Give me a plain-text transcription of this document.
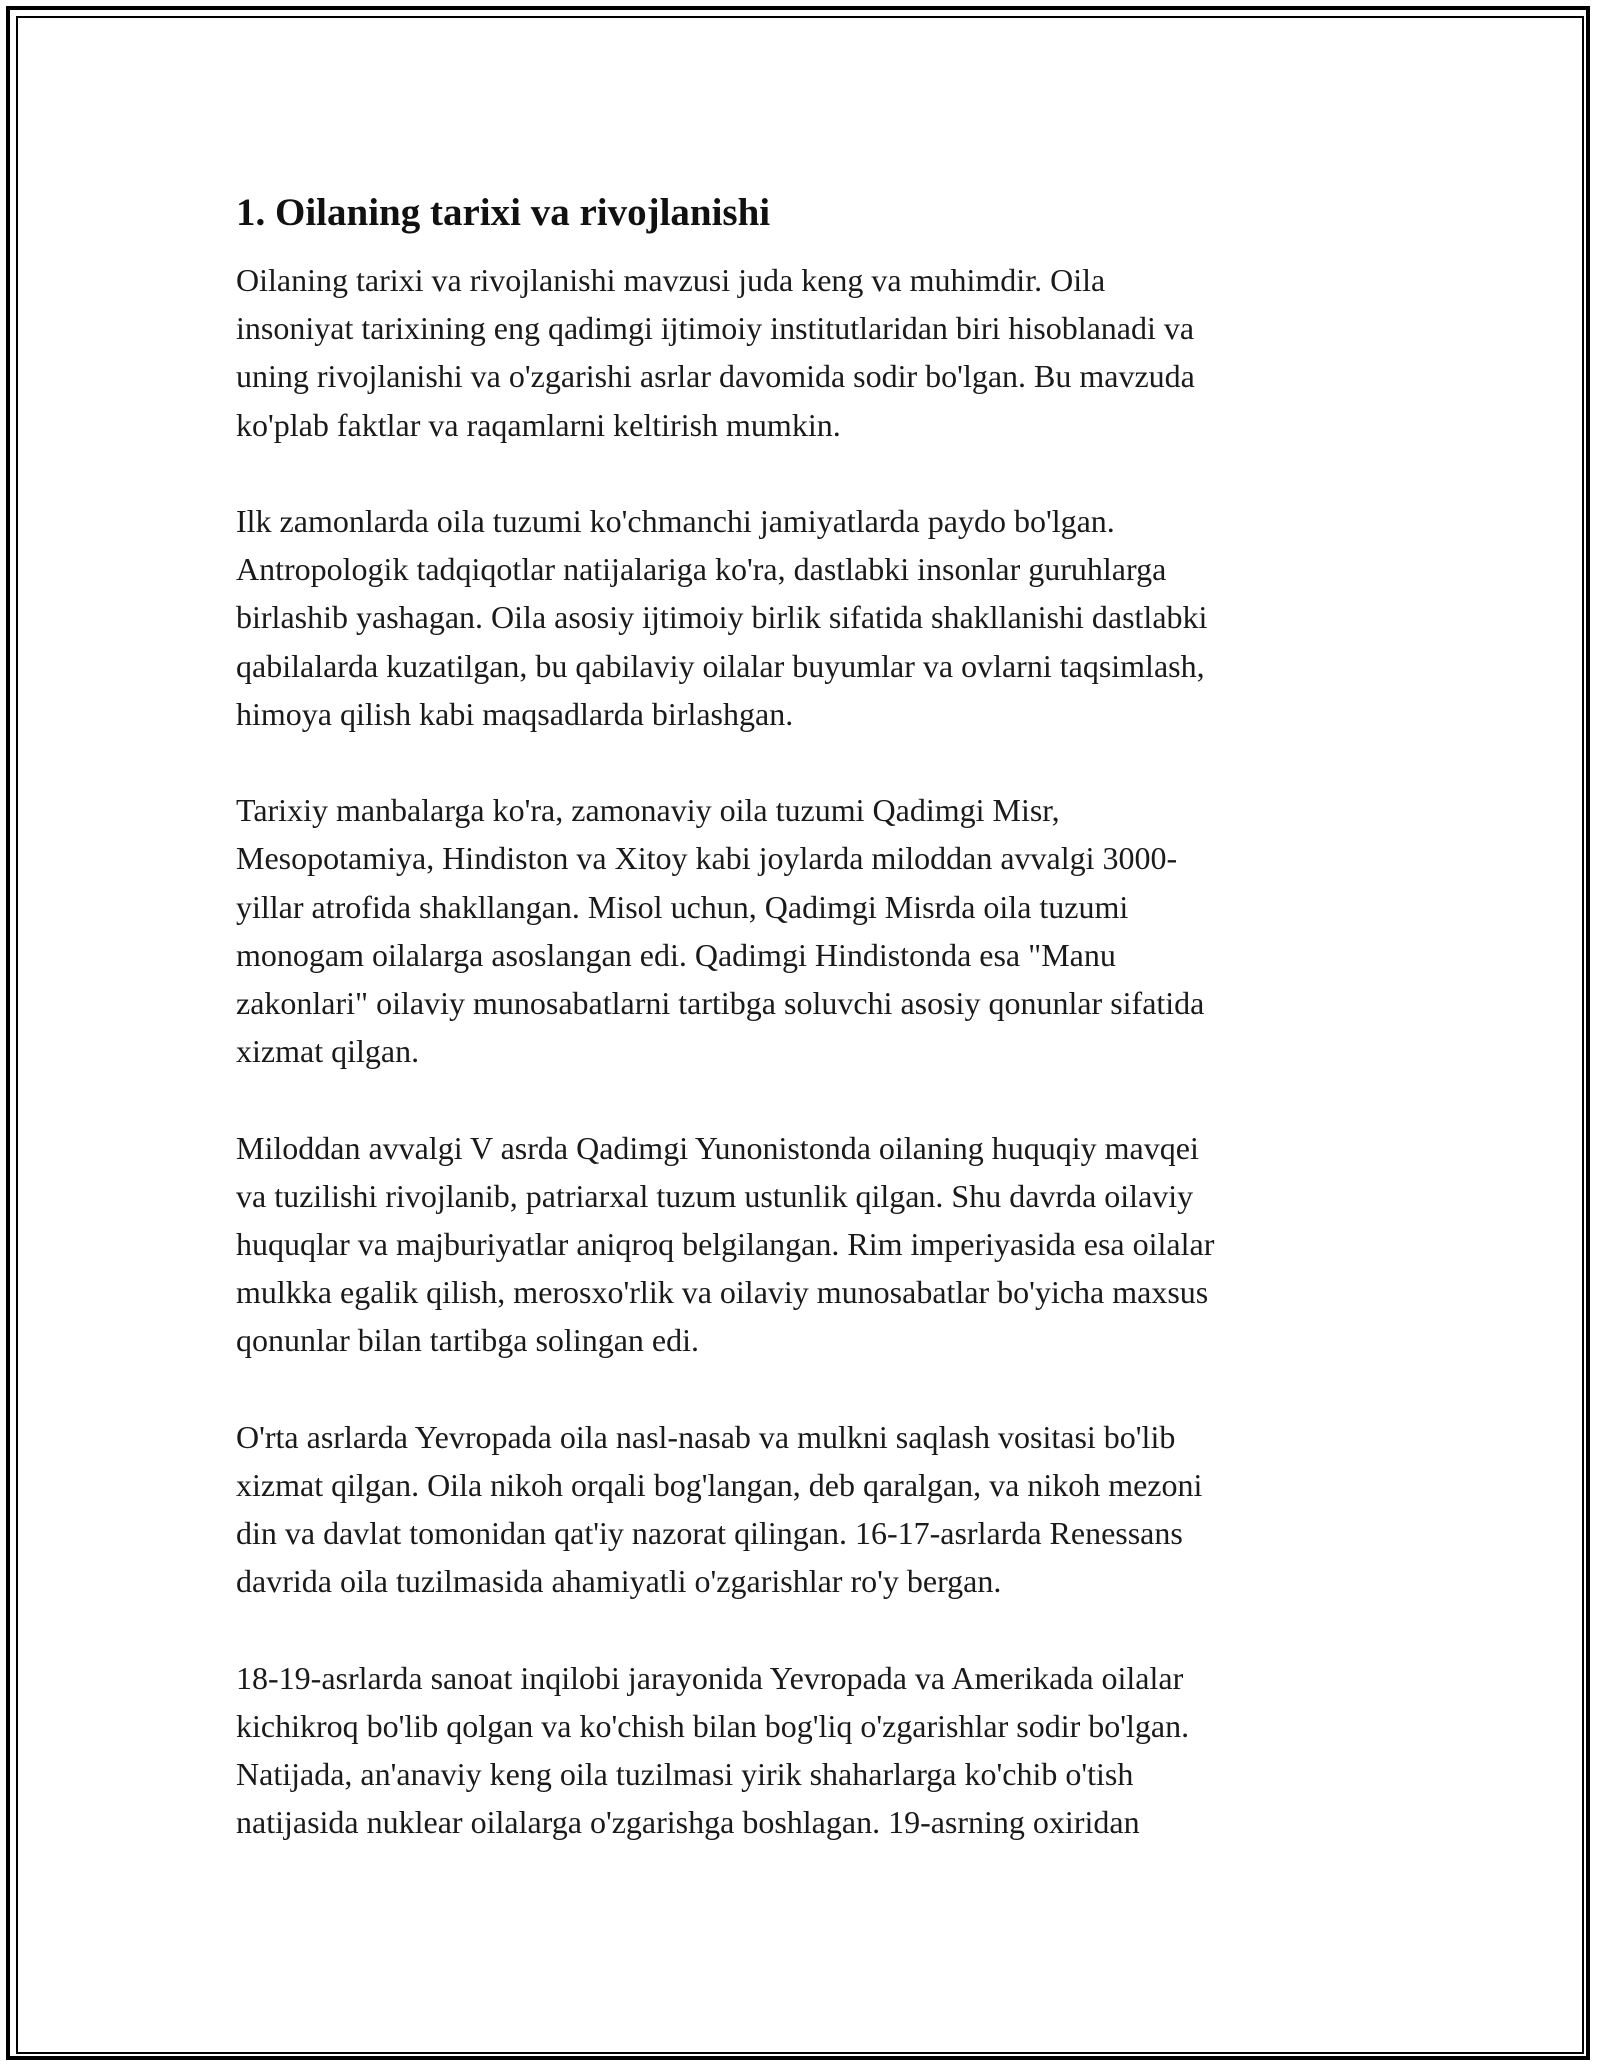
1. Oilaning tarixi va rivojlanishi

Oilaning tarixi va rivojlanishi mavzusi juda keng va muhimdir. Oila
insoniyat tarixining eng qadimgi ijtimoiy institutlaridan biri hisoblanadi va
uning rivojlanishi va o'zgarishi asrlar davomida sodir bo'lgan. Bu mavzuda
ko'plab faktlar va raqamlarni keltirish mumkin.

Ilk zamonlarda oila tuzumi ko'chmanchi jamiyatlarda paydo bo'lgan.
Antropologik tadqiqotlar natijalariga ko'ra, dastlabki insonlar guruhlarga
birlashib yashagan. Oila asosiy ijtimoiy birlik sifatida shakllanishi dastlabki
qabilalarda kuzatilgan, bu qabilaviy oilalar buyumlar va ovlarni taqsimlash,
himoya qilish kabi maqsadlarda birlashgan.

Tarixiy manbalarga ko'ra, zamonaviy oila tuzumi Qadimgi Misr,
Mesopotamiya, Hindiston va Xitoy kabi joylarda miloddan avvalgi 3000-
yillar atrofida shakllangan. Misol uchun, Qadimgi Misrda oila tuzumi
monogam oilalarga asoslangan edi. Qadimgi Hindistonda esa "Manu
zakonlari" oilaviy munosabatlarni tartibga soluvchi asosiy qonunlar sifatida
xizmat qilgan.

Miloddan avvalgi V asrda Qadimgi Yunonistonda oilaning huquqiy mavqei
va tuzilishi rivojlanib, patriarxal tuzum ustunlik qilgan. Shu davrda oilaviy
huquqlar va majburiyatlar aniqroq belgilangan. Rim imperiyasida esa oilalar
mulkka egalik qilish, merosxo'rlik va oilaviy munosabatlar bo'yicha maxsus
qonunlar bilan tartibga solingan edi.

O'rta asrlarda Yevropada oila nasl-nasab va mulkni saqlash vositasi bo'lib
xizmat qilgan. Oila nikoh orqali bog'langan, deb qaralgan, va nikoh mezoni
din va davlat tomonidan qat'iy nazorat qilingan. 16-17-asrlarda Renessans
davrida oila tuzilmasida ahamiyatli o'zgarishlar ro'y bergan.

18-19-asrlarda sanoat inqilobi jarayonida Yevropada va Amerikada oilalar
kichikroq bo'lib qolgan va ko'chish bilan bog'liq o'zgarishlar sodir bo'lgan.
Natijada, an'anaviy keng oila tuzilmasi yirik shaharlarga ko'chib o'tish
natijasida nuklear oilalarga o'zgarishga boshlagan. 19-asrning oxiridan
